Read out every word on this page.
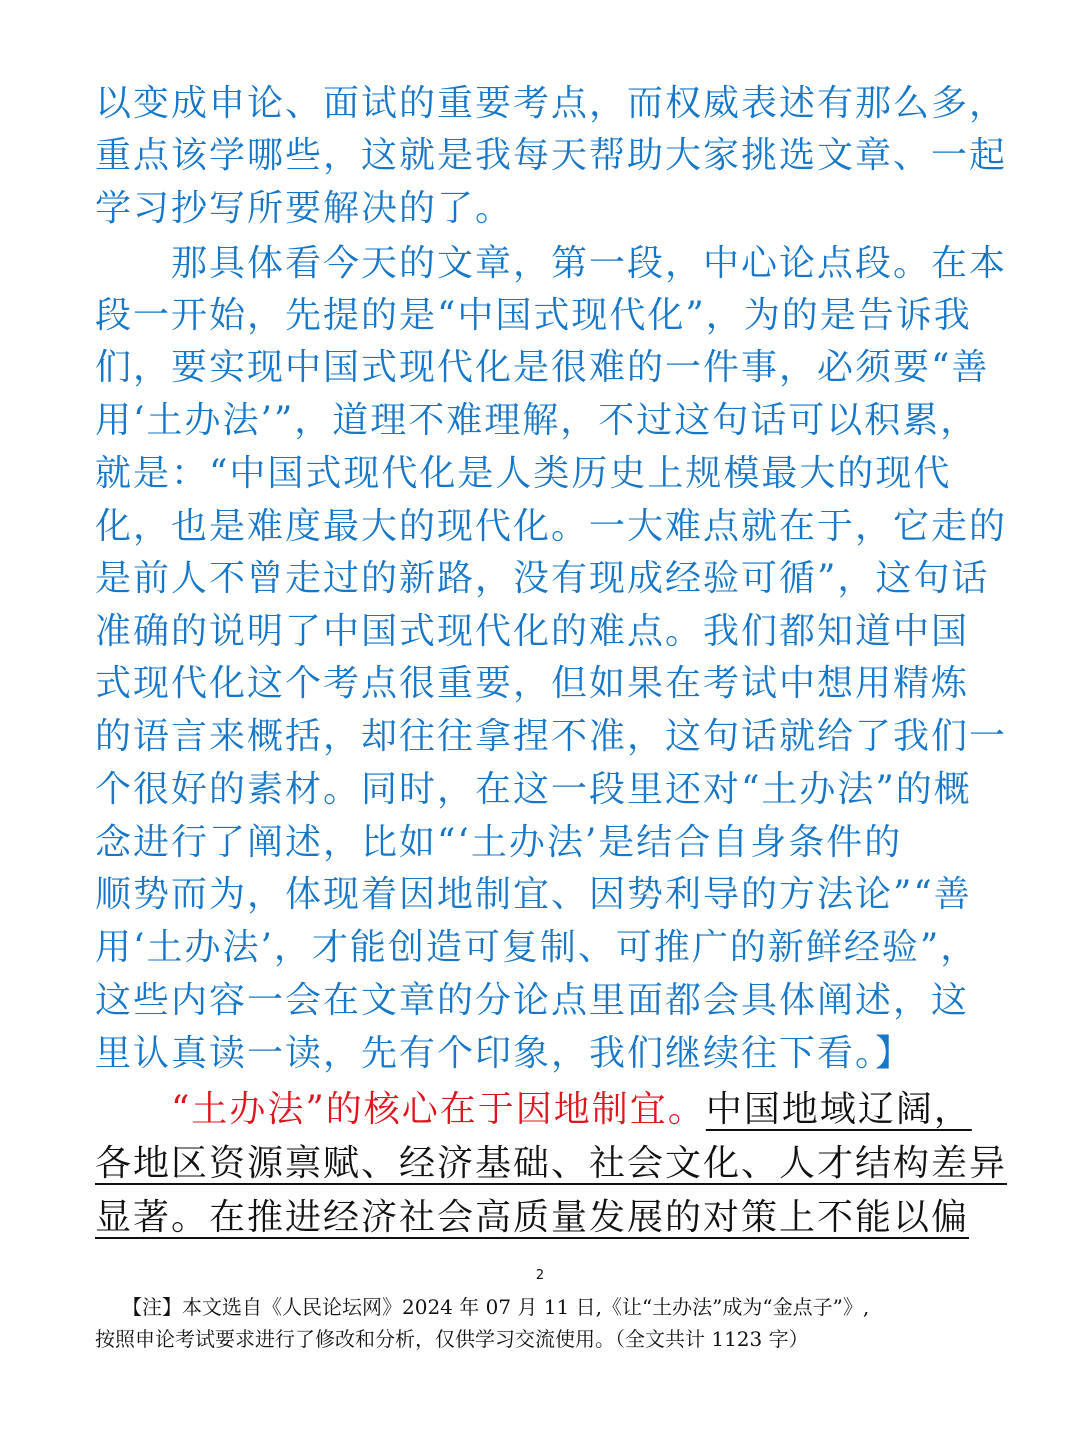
以变成申论、面试的重要考点，而权威表述有那么多，
重点该学哪些，这就是我每天帮助大家挑选文章、一起
学习抄写所要解决的了。
　　那具体看今天的文章，第一段，中心论点段。在本
段一开始，先提的是“中国式现代化”，为的是告诉我
们，要实现中国式现代化是很难的一件事，必须要“善
用‘土办法’”，道理不难理解，不过这句话可以积累，
就是：“中国式现代化是人类历史上规模最大的现代
化，也是难度最大的现代化。一大难点就在于，它走的
是前人不曾走过的新路，没有现成经验可循”，这句话
准确的说明了中国式现代化的难点。我们都知道中国
式现代化这个考点很重要，但如果在考试中想用精炼
的语言来概括，却往往拿捏不准，这句话就给了我们一
个很好的素材。同时，在这一段里还对“土办法”的概
念进行了阐述，比如“‘土办法’是结合自身条件的
顺势而为，体现着因地制宜、因势利导的方法论”“善
用‘土办法’，才能创造可复制、可推广的新鲜经验”，
这些内容一会在文章的分论点里面都会具体阐述，这
里认真读一读，先有个印象，我们继续往下看。】
　　“土办法”的核心在于因地制宜。中国地域辽阔，
各地区资源禀赋、经济基础、社会文化、人才结构差异
显著。在推进经济社会高质量发展的对策上不能以偏
2
【注】本文选自《人民论坛网》2024 年 07 月 11 日,《让“土办法”成为“金点子”》,
按照申论考试要求进行了修改和分析，仅供学习交流使用。（全文共计 1123 字）
